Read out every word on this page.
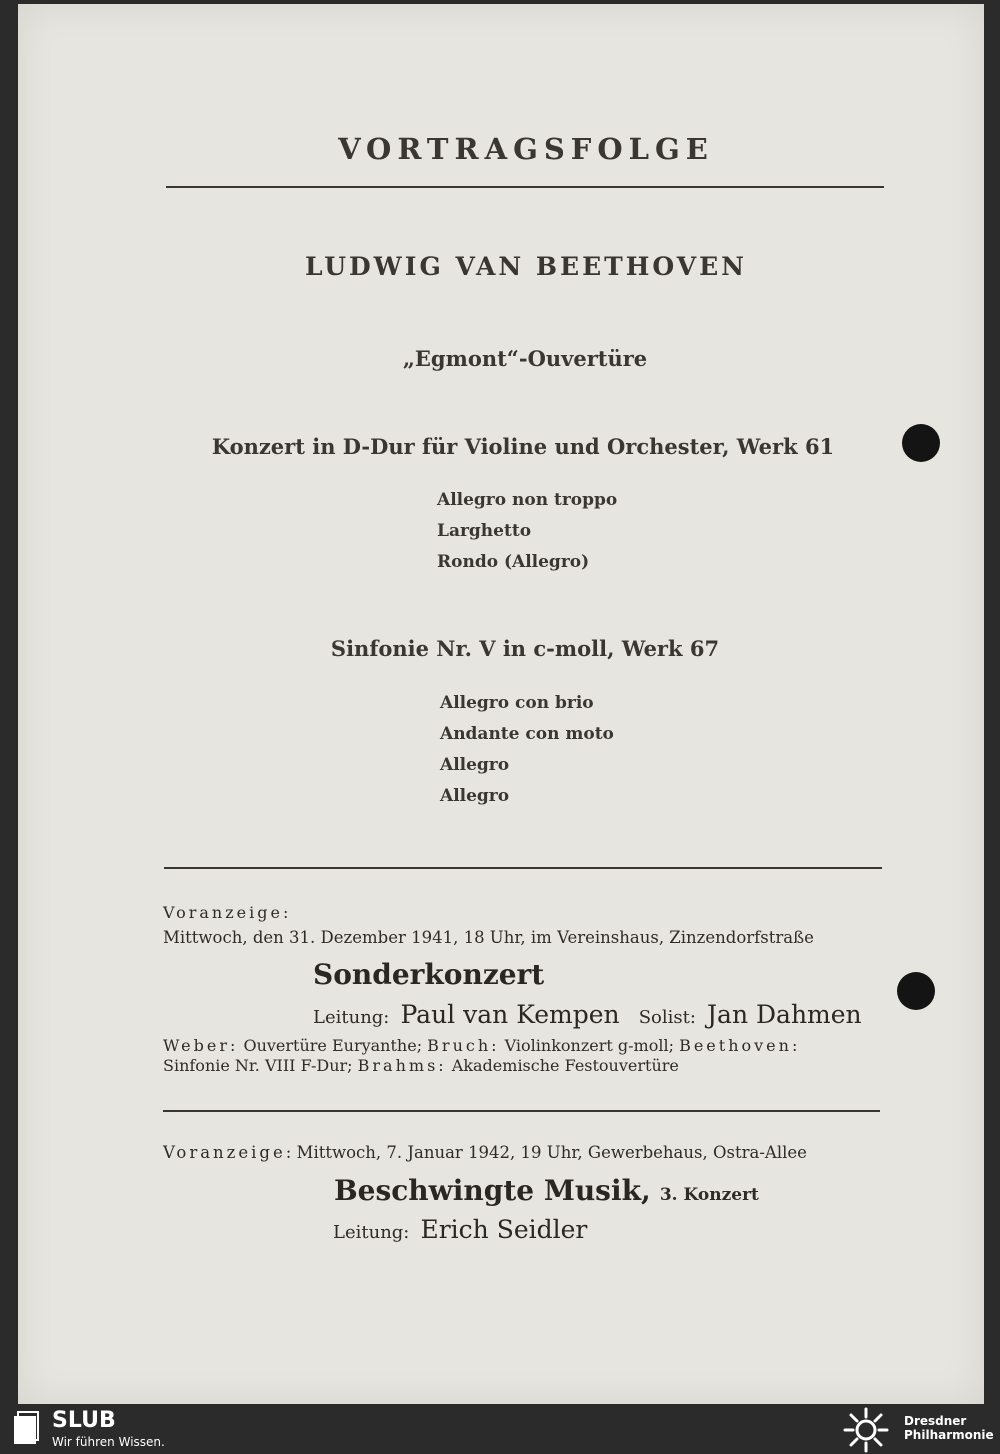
VORTRAGSFOLGE
LUDWIG VAN BEETHOVEN
„Egmont“-Ouvertüre
Konzert in D-Dur für Violine und Orchester, Werk 61
Allegro non troppo
Larghetto
Rondo (Allegro)
Sinfonie Nr. V in c-moll, Werk 67
Allegro con brio
Andante con moto
Allegro
Allegro
Voranzeige:
Mittwoch, den 31. Dezember 1941, 18 Uhr, im Vereinshaus, Zinzendorfstraße
Sonderkonzert
Leitung: Paul van Kempen Solist: Jan Dahmen
Weber: Ouvertüre Euryanthe; Bruch: Violinkonzert g-moll; Beethoven:
Sinfonie Nr. VIII F-Dur; Brahms: Akademische Festouvertüre
Voranzeige: Mittwoch, 7. Januar 1942, 19 Uhr, Gewerbehaus, Ostra-Allee
Beschwingte Musik, 3. Konzert
Leitung: Erich Seidler
SLUB
Wir führen Wissen.
Dresdner
Philharmonie
